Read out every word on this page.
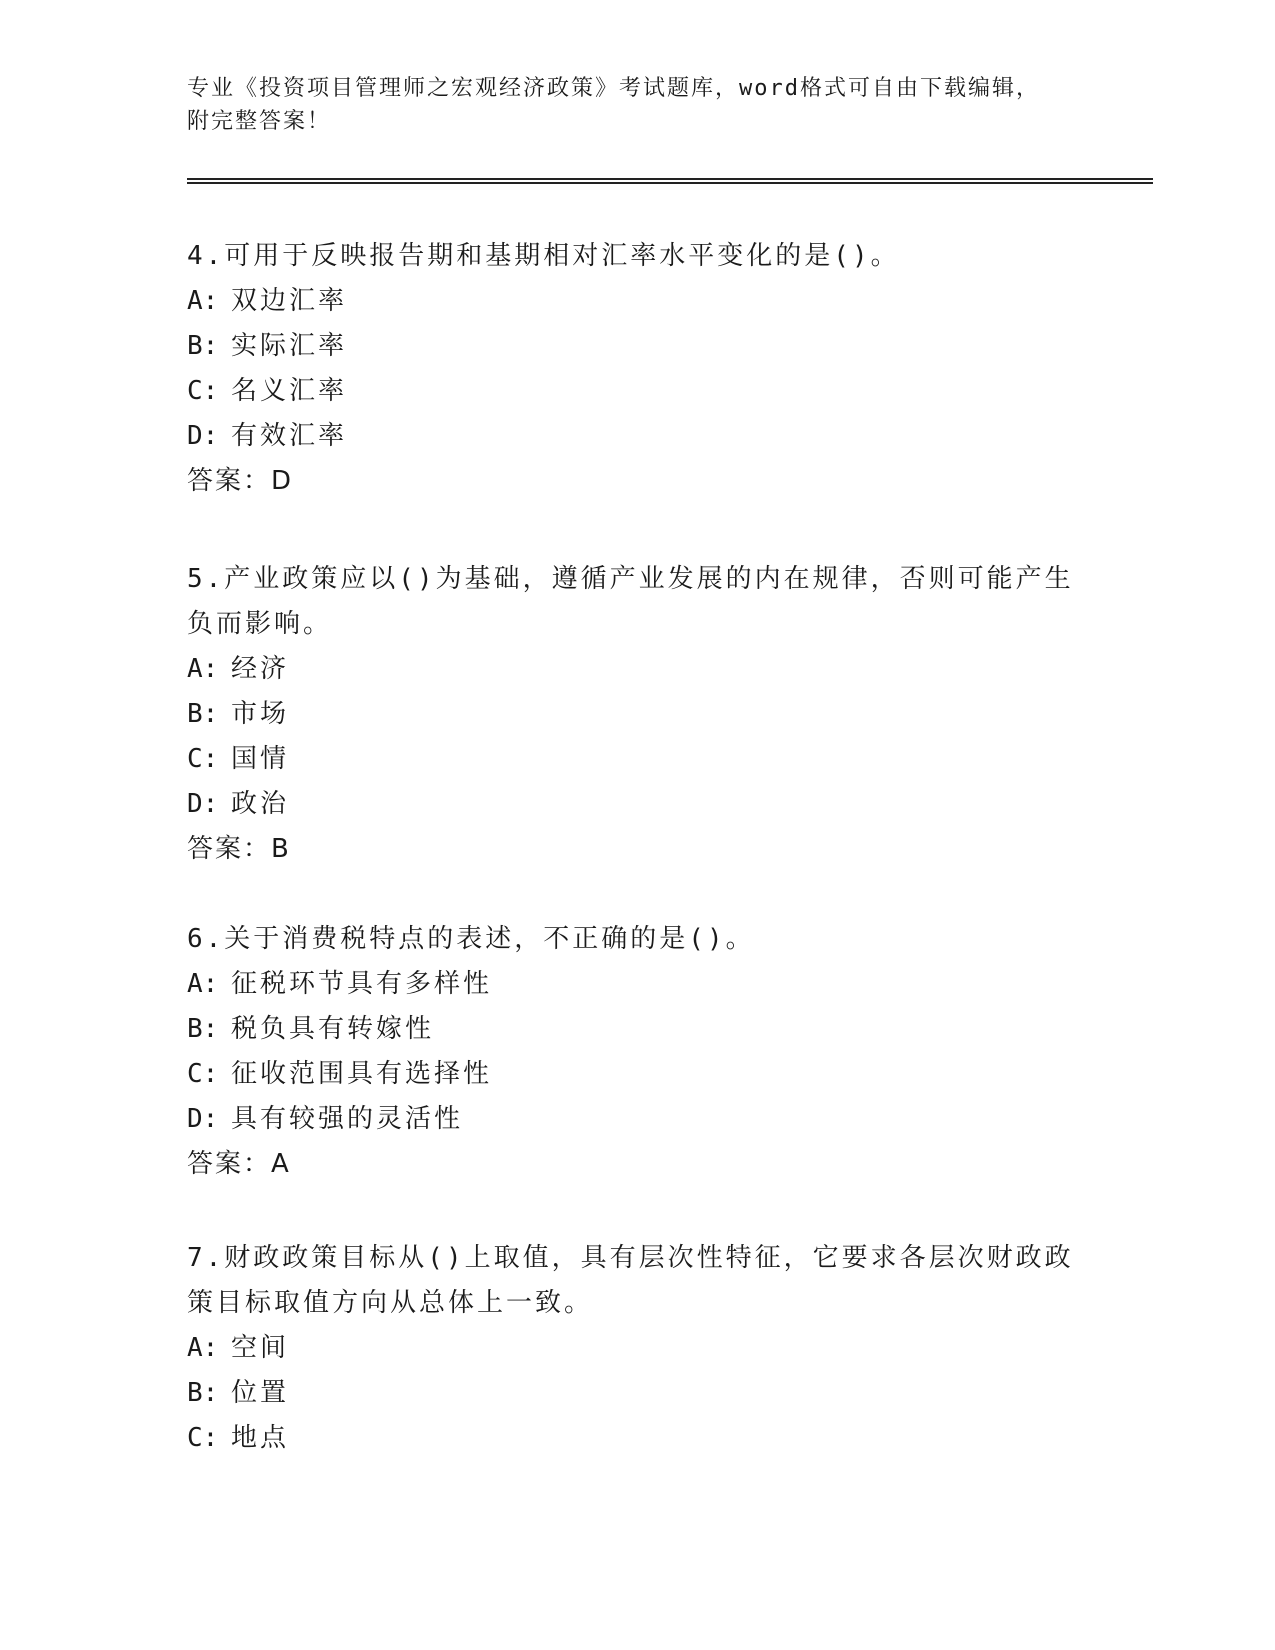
专业《投资项目管理师之宏观经济政策》考试题库，word格式可自由下载编辑，
附完整答案！

4.可用于反映报告期和基期相对汇率水平变化的是()。

A: 双边汇率

B: 实际汇率

C: 名义汇率

D: 有效汇率

答案：D

5.产业政策应以()为基础，遵循产业发展的内在规律，否则可能产生负而影响。

A: 经济

B: 市场

C: 国情

D: 政治

答案：B

6.关于消费税特点的表述，不正确的是()。

A: 征税环节具有多样性

B: 税负具有转嫁性

C: 征收范围具有选择性

D: 具有较强的灵活性

答案：A

7.财政政策目标从()上取值，具有层次性特征，它要求各层次财政政策目标取值方向从总体上一致。

A: 空间

B: 位置

C: 地点
